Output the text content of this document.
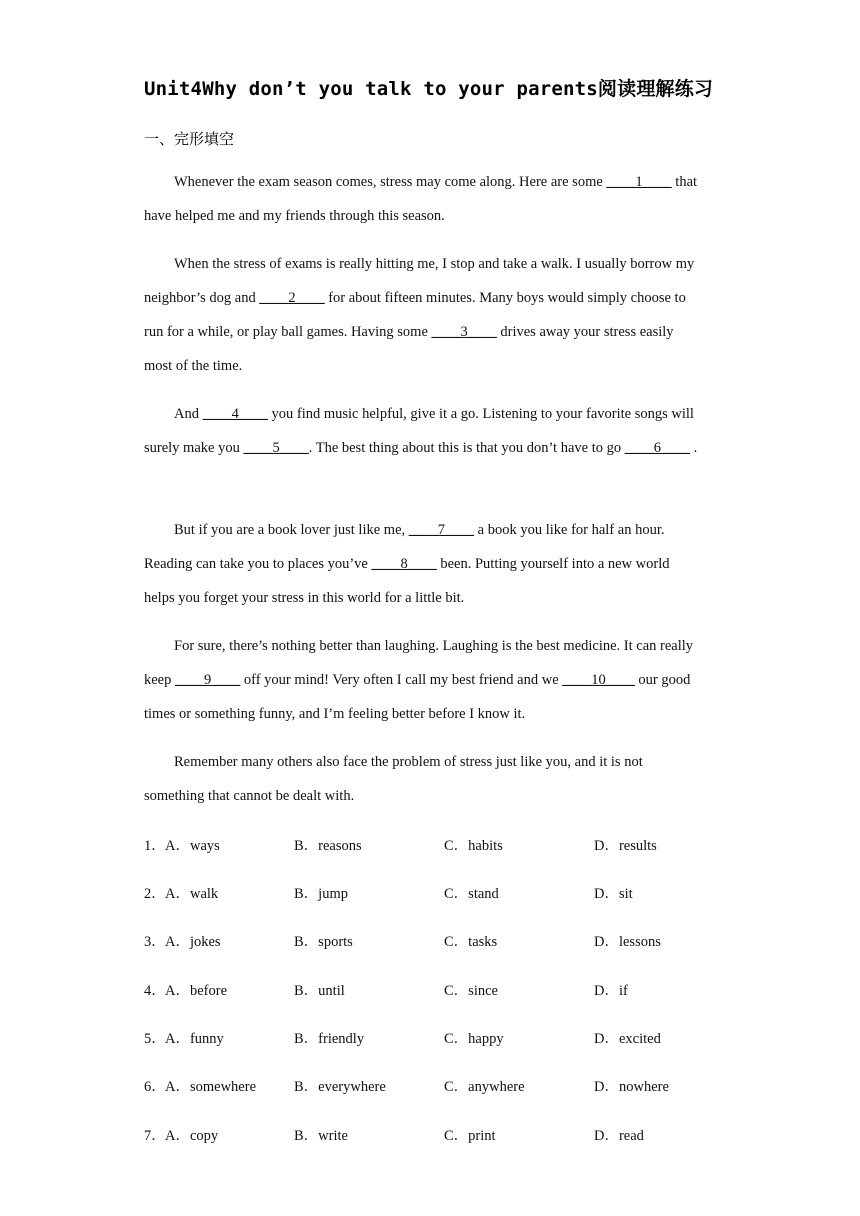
Unit4Why don’t you talk to your parents阅读理解练习
一、完形填空

Whenever the exam season comes, stress may come along. Here are some ____1____ that have helped me and my friends through this season.

When the stress of exams is really hitting me, I stop and take a walk. I usually borrow my neighbor’s dog and ____2____ for about fifteen minutes. Many boys would simply choose to run for a while, or play ball games. Having some ____3____ drives away your stress easily most of the time.

And ____4____ you find music helpful, give it a go. Listening to your favorite songs will surely make you ____5____. The best thing about this is that you don’t have to go ____6____ .

But if you are a book lover just like me, ____7____ a book you like for half an hour. Reading can take you to places you’ve ____8____ been. Putting yourself into a new world helps you forget your stress in this world for a little bit.

For sure, there’s nothing better than laughing. Laughing is the best medicine. It can really keep ____9____ off your mind! Very often I call my best friend and we ____10____ our good times or something funny, and I’m feeling better before I know it.

Remember many others also face the problem of stress just like you, and it is not something that cannot be dealt with.

1． A．ways	B．reasons	C．habits	D．results
2． A．walk	B．jump	C．stand	D．sit
3． A．jokes	B．sports	C．tasks	D．lessons
4． A．before	B．until	C．since	D．if
5． A．funny	B．friendly	C．happy	D．excited
6． A．somewhere	B．everywhere	C．anywhere	D．nowhere
7． A．copy	B．write	C．print	D．read
